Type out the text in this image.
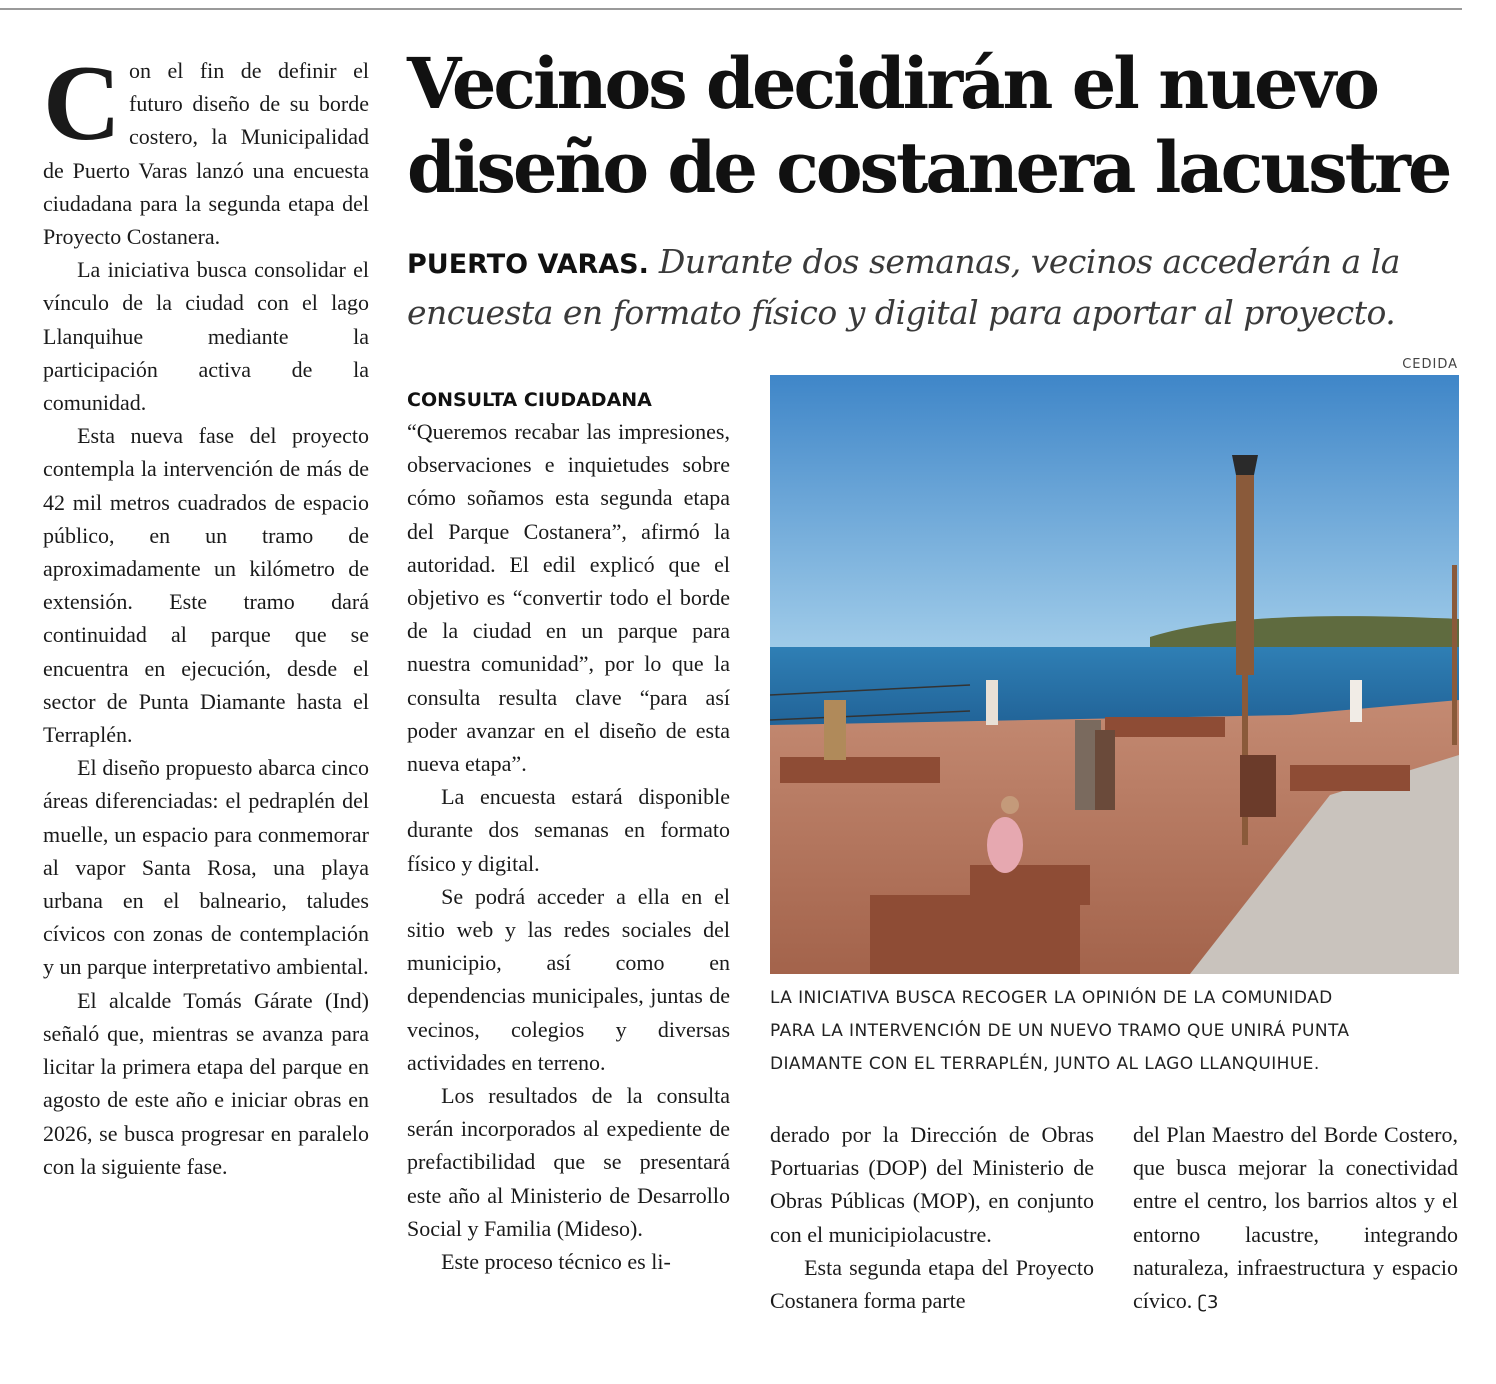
Vecinos decidirán el nuevo
diseño de costanera lacustre
PUERTO VARAS. Durante dos semanas, vecinos accederán a la
encuesta en formato físico y digital para aportar al proyecto.

Con el fin de definir el futuro diseño de su borde costero, la Municipalidad de Puerto Varas lanzó una encuesta ciudadana para la segunda etapa del Proyecto Costanera.

La iniciativa busca consolidar el vínculo de la ciudad con el lago Llanquihue mediante la participación activa de la comunidad.

Esta nueva fase del proyecto contempla la intervención de más de 42 mil metros cuadrados de espacio público, en un tramo de aproximadamente un kilómetro de extensión. Este tramo dará continuidad al parque que se encuentra en ejecución, desde el sector de Punta Diamante hasta el Terraplén.

El diseño propuesto abarca cinco áreas diferenciadas: el pedraplén del muelle, un espacio para conmemorar al vapor Santa Rosa, una playa urbana en el balneario, taludes cívicos con zonas de contemplación y un parque interpretativo ambiental.

El alcalde Tomás Gárate (Ind) señaló que, mientras se avanza para licitar la primera etapa del parque en agosto de este año e iniciar obras en 2026, se busca progresar en paralelo con la siguiente fase.

CONSULTA CIUDADANA

“Queremos recabar las impresiones, observaciones e inquietudes sobre cómo soñamos esta segunda etapa del Parque Costanera”, afirmó la autoridad. El edil explicó que el objetivo es “convertir todo el borde de la ciudad en un parque para nuestra comunidad”, por lo que la consulta resulta clave “para así poder avanzar en el diseño de esta nueva etapa”.

La encuesta estará disponible durante dos semanas en formato físico y digital.

Se podrá acceder a ella en el sitio web y las redes sociales del municipio, así como en dependencias municipales, juntas de vecinos, colegios y diversas actividades en terreno.

Los resultados de la consulta serán incorporados al expediente de prefactibilidad que se presentará este año al Ministerio de Desarrollo Social y Familia (Mideso).

Este proceso técnico es li-

CEDIDA
LA INICIATIVA BUSCA RECOGER LA OPINIÓN DE LA COMUNIDAD
PARA LA INTERVENCIÓN DE UN NUEVO TRAMO QUE UNIRÁ PUNTA
DIAMANTE CON EL TERRAPLÉN, JUNTO AL LAGO LLANQUIHUE.

derado por la Dirección de Obras Portuarias (DOP) del Ministerio de Obras Públicas (MOP), en conjunto con el municipiolacustre.

Esta segunda etapa del Proyecto Costanera forma parte

del Plan Maestro del Borde Costero, que busca mejorar la conectividad entre el centro, los barrios altos y el entorno lacustre, integrando naturaleza, infraestructura y espacio cívico. ʗ3
